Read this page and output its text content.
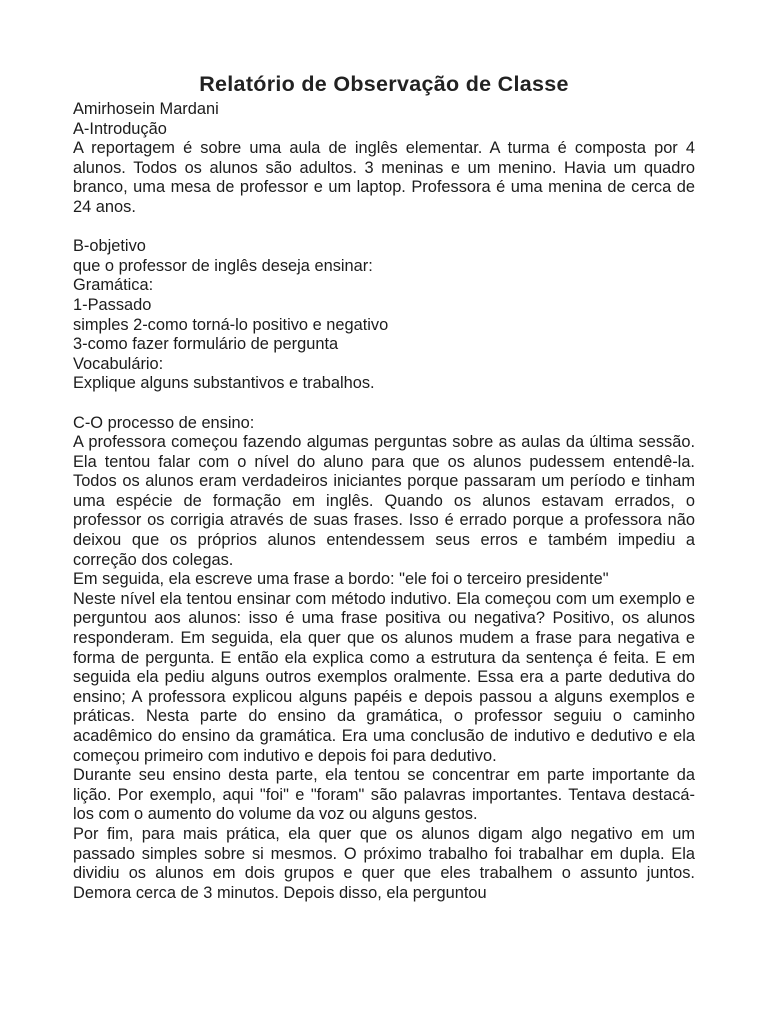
Relatório de Observação de Classe

Amirhosein Mardani

A-Introdução

A reportagem é sobre uma aula de inglês elementar. A turma é composta por 4 alunos. Todos os alunos são adultos. 3 meninas e um menino. Havia um quadro branco, uma mesa de professor e um laptop. Professora é uma menina de cerca de 24 anos.

B-objetivo

que o professor de inglês deseja ensinar:

Gramática:

1-Passado

simples 2-como torná-lo positivo e negativo

3-como fazer formulário de pergunta

Vocabulário:

Explique alguns substantivos e trabalhos.

C-O processo de ensino:

A professora começou fazendo algumas perguntas sobre as aulas da última sessão. Ela tentou falar com o nível do aluno para que os alunos pudessem entendê-la. Todos os alunos eram verdadeiros iniciantes porque passaram um período e tinham uma espécie de formação em inglês. Quando os alunos estavam errados, o professor os corrigia através de suas frases. Isso é errado porque a professora não deixou que os próprios alunos entendessem seus erros e também impediu a correção dos colegas.

Em seguida, ela escreve uma frase a bordo: "ele foi o terceiro presidente"

Neste nível ela tentou ensinar com método indutivo. Ela começou com um exemplo e perguntou aos alunos: isso é uma frase positiva ou negativa? Positivo, os alunos responderam. Em seguida, ela quer que os alunos mudem a frase para negativa e forma de pergunta. E então ela explica como a estrutura da sentença é feita. E em seguida ela pediu alguns outros exemplos oralmente. Essa era a parte dedutiva do ensino; A professora explicou alguns papéis e depois passou a alguns exemplos e práticas. Nesta parte do ensino da gramática, o professor seguiu o caminho acadêmico do ensino da gramática. Era uma conclusão de indutivo e dedutivo e ela começou primeiro com indutivo e depois foi para dedutivo.

Durante seu ensino desta parte, ela tentou se concentrar em parte importante da lição. Por exemplo, aqui "foi" e "foram" são palavras importantes. Tentava destacá-los com o aumento do volume da voz ou alguns gestos.

Por fim, para mais prática, ela quer que os alunos digam algo negativo em um passado simples sobre si mesmos. O próximo trabalho foi trabalhar em dupla. Ela dividiu os alunos em dois grupos e quer que eles trabalhem o assunto juntos. Demora cerca de 3 minutos. Depois disso, ela perguntou
